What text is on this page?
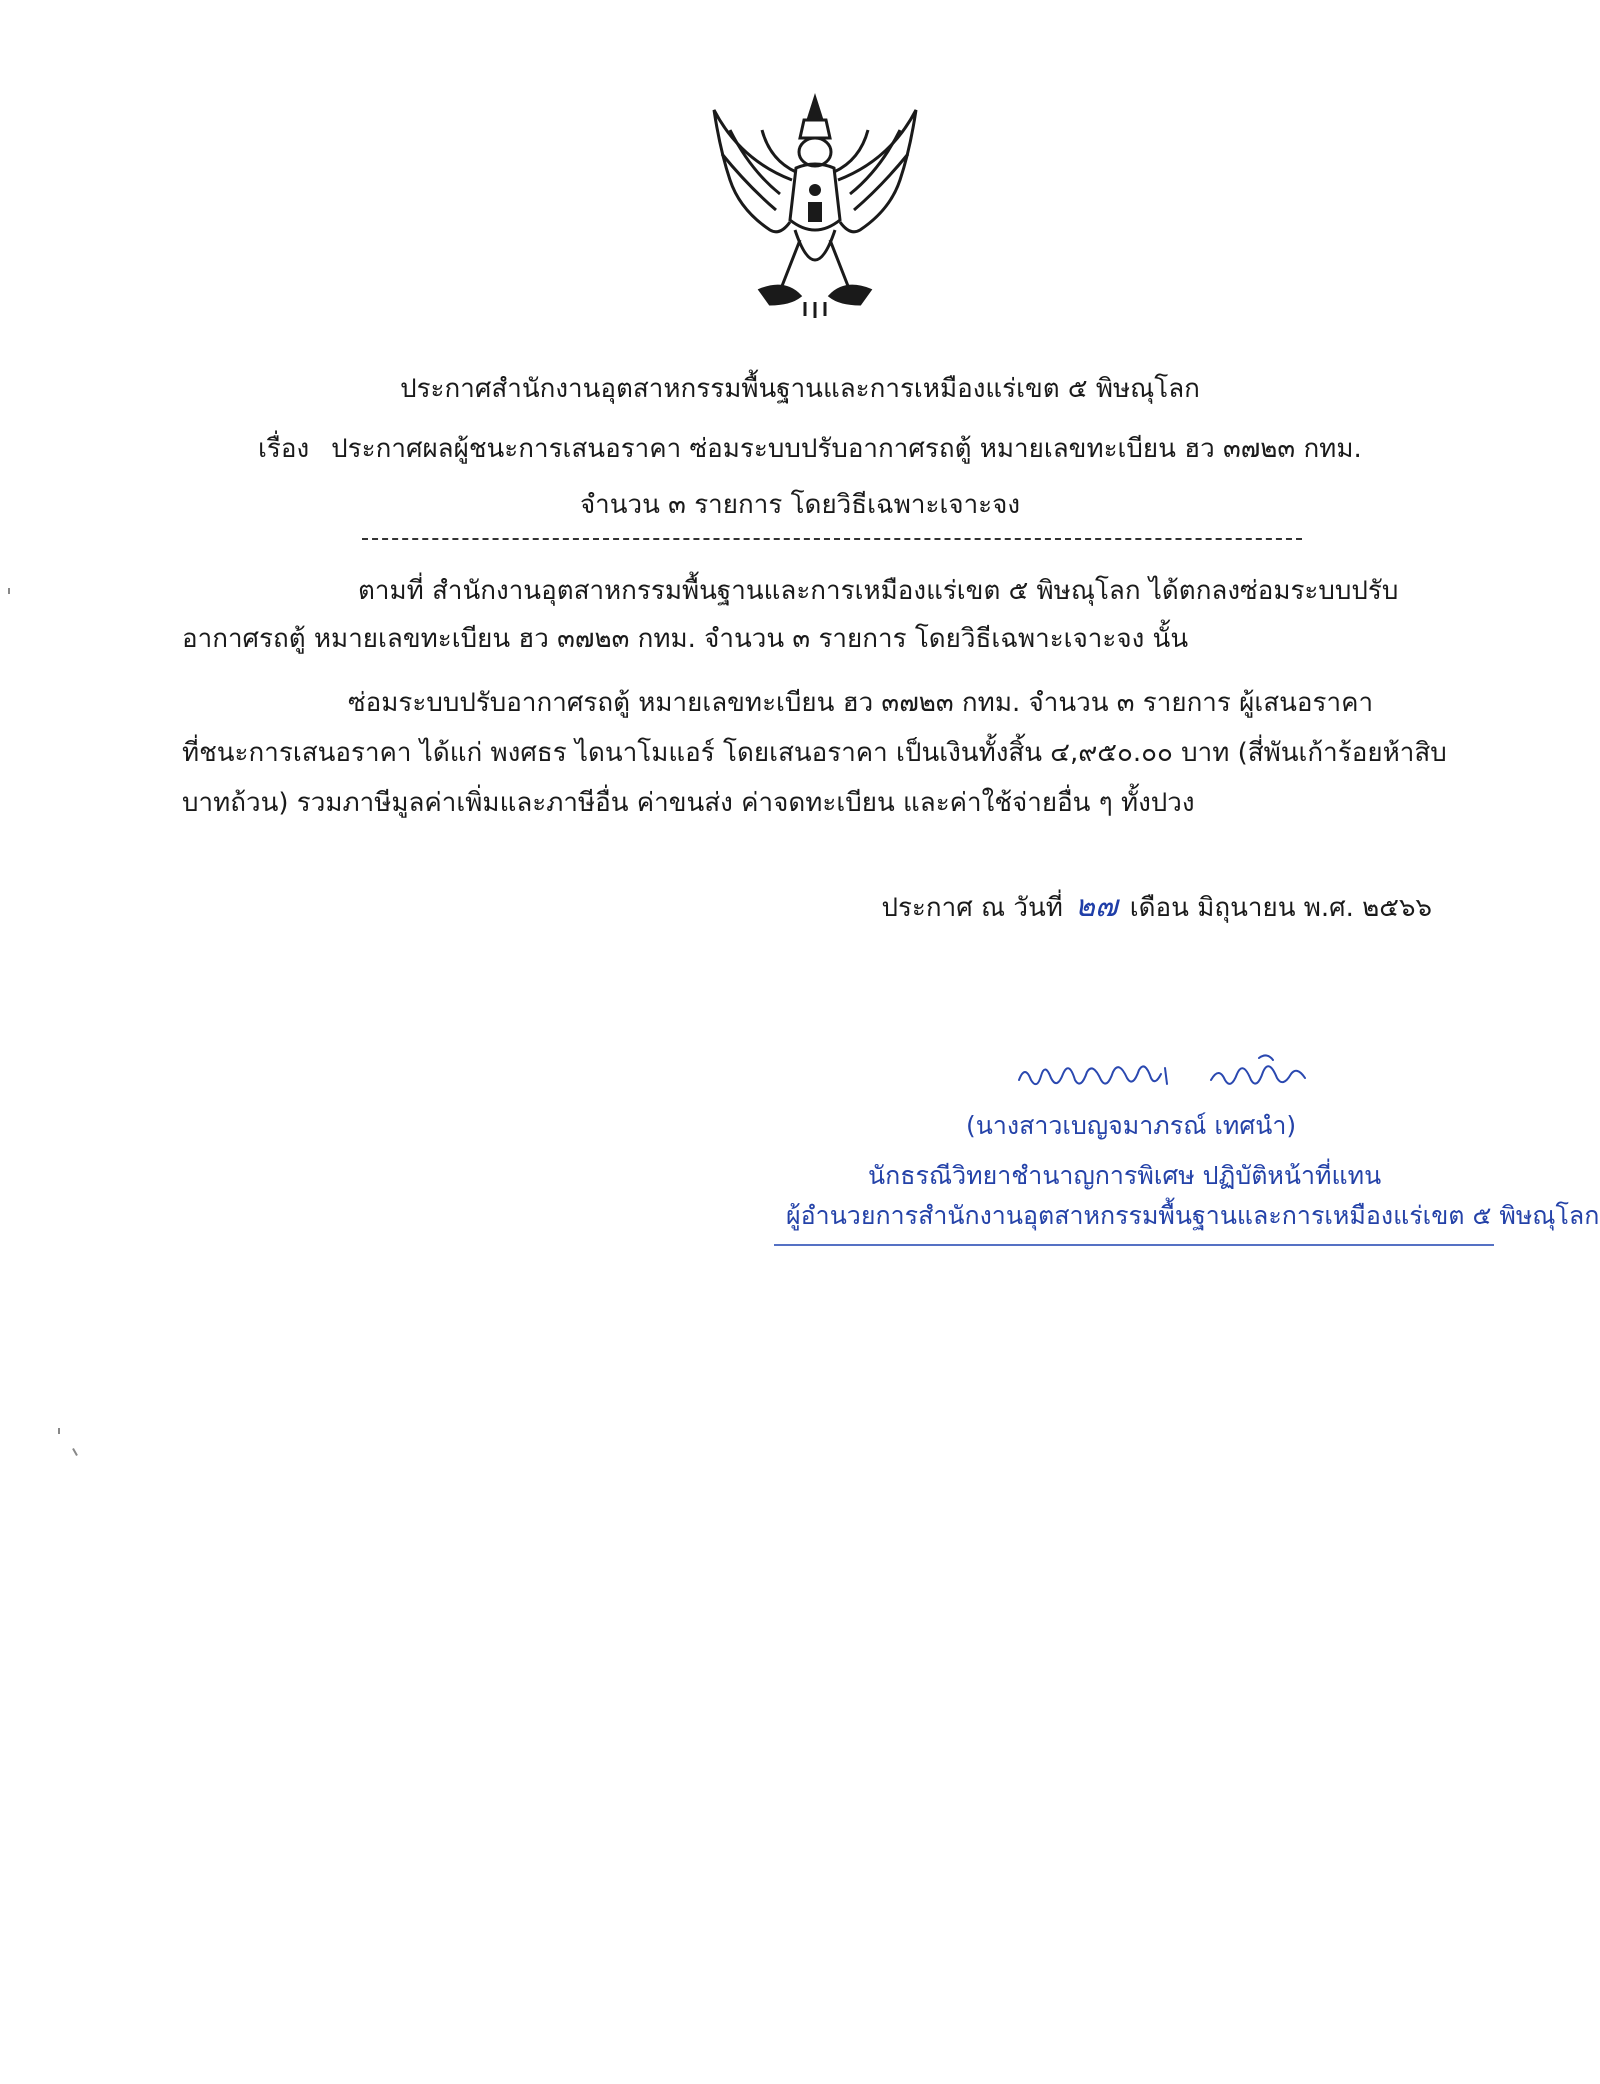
ประกาศสำนักงานอุตสาหกรรมพื้นฐานและการเหมืองแร่เขต ๕ พิษณุโลก
เรื่อง ประกาศผลผู้ชนะการเสนอราคา ซ่อมระบบปรับอากาศรถตู้ หมายเลขทะเบียน ฮว ๓๗๒๓ กทม.
จำนวน ๓ รายการ โดยวิธีเฉพาะเจาะจง
ตามที่ สำนักงานอุตสาหกรรมพื้นฐานและการเหมืองแร่เขต ๕ พิษณุโลก ได้ตกลงซ่อมระบบปรับ
อากาศรถตู้ หมายเลขทะเบียน ฮว ๓๗๒๓ กทม. จำนวน ๓ รายการ โดยวิธีเฉพาะเจาะจง นั้น
ซ่อมระบบปรับอากาศรถตู้ หมายเลขทะเบียน ฮว ๓๗๒๓ กทม. จำนวน ๓ รายการ ผู้เสนอราคา
ที่ชนะการเสนอราคา ได้แก่ พงศธร ไดนาโมแอร์ โดยเสนอราคา เป็นเงินทั้งสิ้น ๔,๙๕๐.๐๐ บาท (สี่พันเก้าร้อยห้าสิบ
บาทถ้วน) รวมภาษีมูลค่าเพิ่มและภาษีอื่น ค่าขนส่ง ค่าจดทะเบียน และค่าใช้จ่ายอื่น ๆ ทั้งปวง
ประกาศ ณ วันที่ ๒๗ เดือน มิถุนายน พ.ศ. ๒๕๖๖
(นางสาวเบญจมาภรณ์ เทศนำ)
นักธรณีวิทยาชำนาญการพิเศษ ปฏิบัติหน้าที่แทน
ผู้อำนวยการสำนักงานอุตสาหกรรมพื้นฐานและการเหมืองแร่เขต ๕ พิษณุโลก
